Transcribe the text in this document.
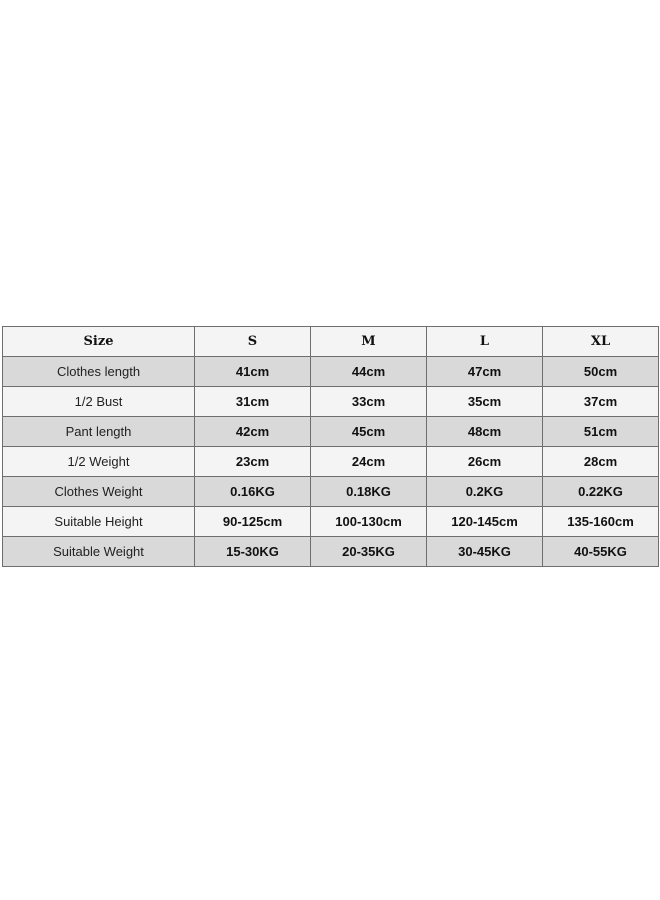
Size	S	M	L	XL
Clothes length	41cm	44cm	47cm	50cm
1/2 Bust	31cm	33cm	35cm	37cm
Pant length	42cm	45cm	48cm	51cm
1/2 Weight	23cm	24cm	26cm	28cm
Clothes Weight	0.16KG	0.18KG	0.2KG	0.22KG
Suitable Height	90-125cm	100-130cm	120-145cm	135-160cm
Suitable Weight	15-30KG	20-35KG	30-45KG	40-55KG
